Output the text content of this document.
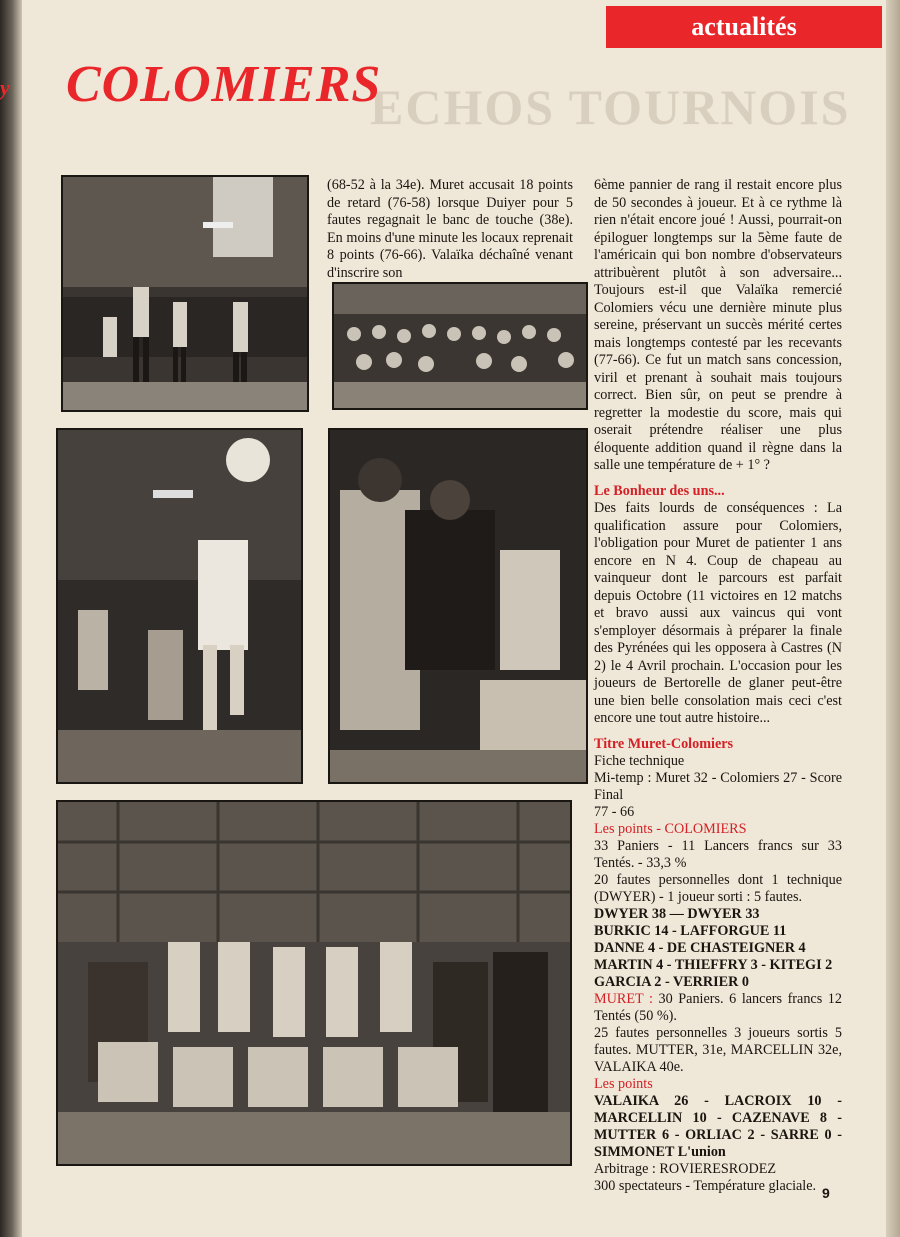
y
actualités
ECHOS TOURNOIS
COLOMIERS

(68-52 à la 34e). Muret accusait 18 points de retard (76-58) lorsque Duiyer pour 5 fautes regagnait le banc de touche (38e). En moins d'une minute les locaux reprenait 8 points (76-66). Valaïka déchaîné venant d'inscrire son

6ème pannier de rang il restait encore plus de 50 secondes à joueur. Et à ce rythme là rien n'était encore joué ! Aussi, pourrait-on épiloguer longtemps sur la 5ème faute de l'américain qui bon nombre d'observateurs attribuèrent plutôt à son adversaire... Toujours est-il que Valaïka remercié Colomiers vécu une dernière minute plus sereine, préservant un succès mérité certes mais longtemps contesté par les recevants (77-66). Ce fut un match sans concession, viril et prenant à souhait mais toujours correct. Bien sûr, on peut se prendre à regretter la modestie du score, mais qui oserait prétendre réaliser une plus éloquente addition quand il règne dans la salle une température de + 1° ?

Le Bonheur des uns...

Des faits lourds de conséquences : La qualification assure pour Colomiers, l'obligation pour Muret de patienter 1 ans encore en N 4. Coup de chapeau au vainqueur dont le parcours est parfait depuis Octobre (11 victoires en 12 matchs et bravo aussi aux vaincus qui vont s'employer désormais à préparer la finale des Pyrénées qui les opposera à Castres (N 2) le 4 Avril prochain. L'occasion pour les joueurs de Bertorelle de glaner peut-être une bien belle consolation mais ceci c'est encore une tout autre histoire...

Titre Muret-Colomiers

Fiche technique

Mi-temp : Muret 32 - Colomiers 27 - Score Final

77 - 66

Les points - COLOMIERS

33 Paniers - 11 Lancers francs sur 33 Tentés. - 33,3 %

20 fautes personnelles dont 1 technique (DWYER) - 1 joueur sorti : 5 fautes.

DWYER 38 — DWYER 33

BURKIC 14 - LAFFORGUE 11

DANNE 4 - DE CHASTEIGNER 4

MARTIN 4 - THIEFFRY 3 - KITEGI 2

GARCIA 2 - VERRIER 0

MURET : 30 Paniers. 6 lancers francs 12 Tentés (50 %).

25 fautes personnelles 3 joueurs sortis 5 fautes. MUTTER, 31e, MARCELLIN 32e, VALAIKA 40e.

Les points

VALAIKA 26 - LACROIX 10 - MARCELLIN 10 - CAZENAVE 8 - MUTTER 6 - ORLIAC 2 - SARRE 0 - SIMMONET L'union

Arbitrage : ROVIERESRODEZ

300 spectateurs - Température glaciale. 9
